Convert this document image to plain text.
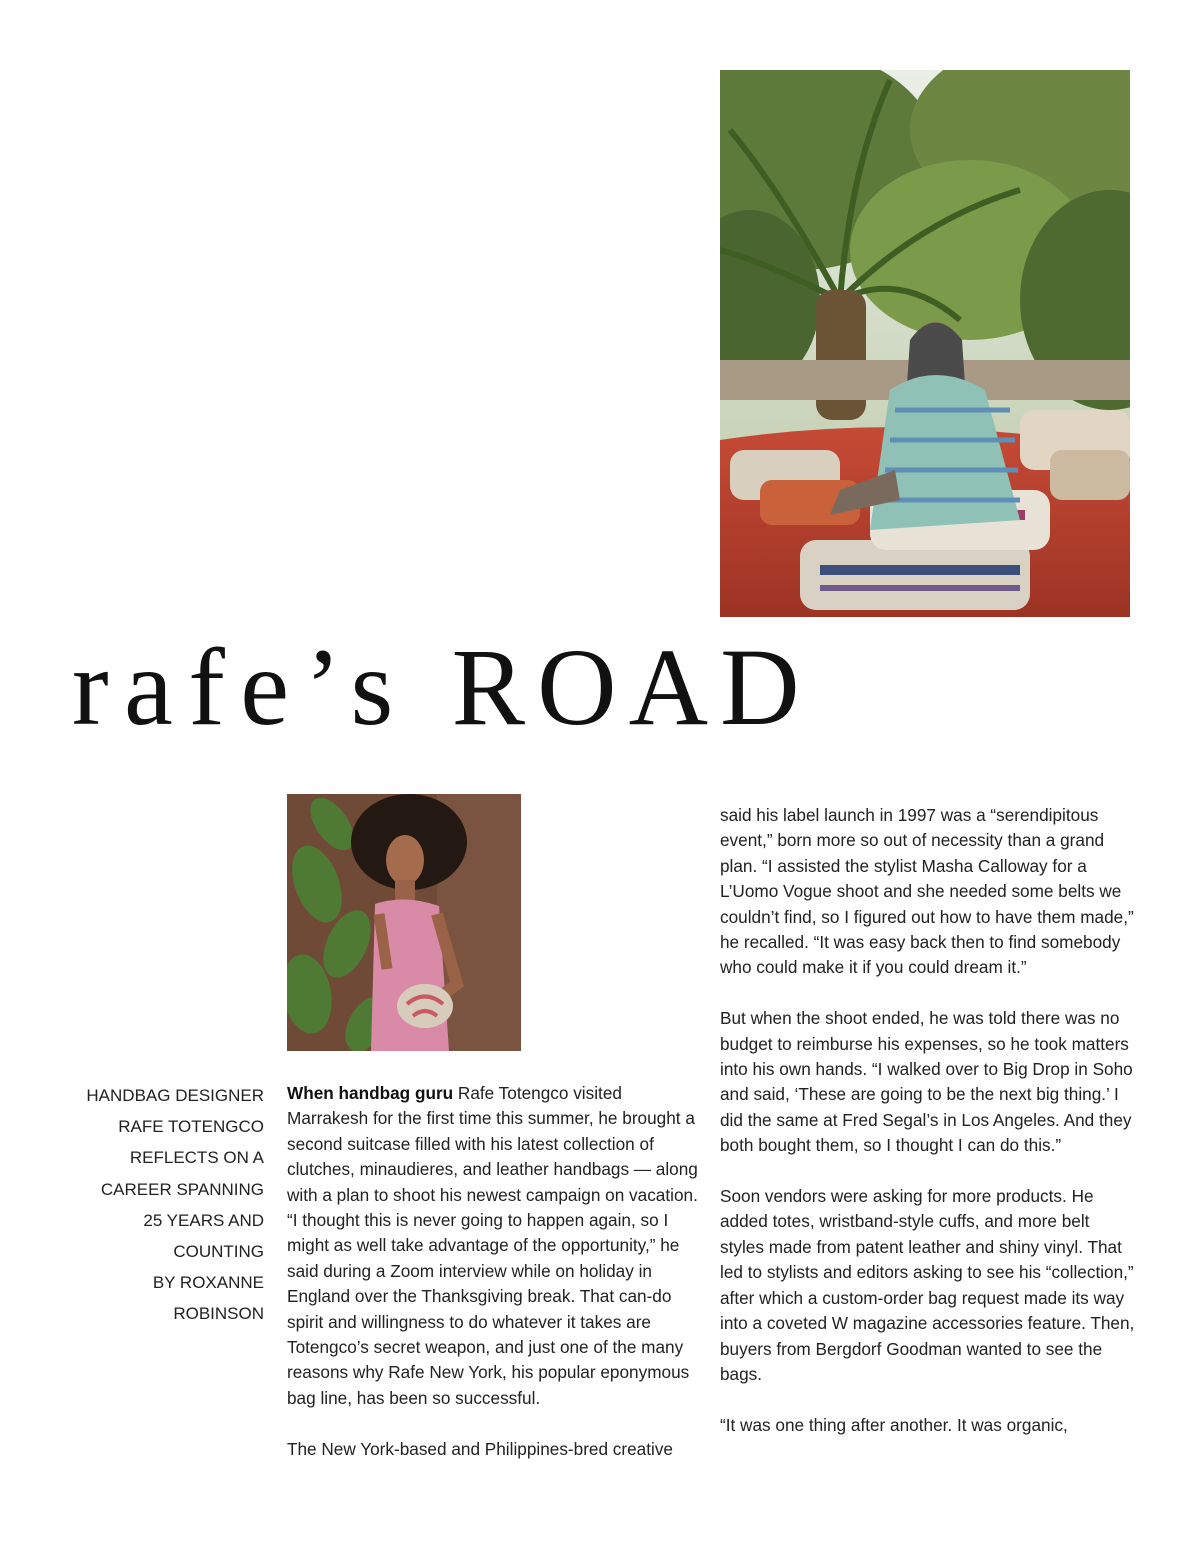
rafe’s ROAD
HANDBAG DESIGNER
RAFE TOTENGCO
REFLECTS ON A
CAREER SPANNING
25 YEARS AND
COUNTING
BY ROXANNE
ROBINSON

When handbag guru Rafe Totengco visited Marrakesh for the first time this summer, he brought a second suitcase filled with his latest collection of clutches, minaudieres, and leather handbags — along with a plan to shoot his newest campaign on vacation. “I thought this is never going to happen again, so I might as well take advantage of the opportunity,” he said during a Zoom interview while on holiday in England over the Thanksgiving break. That can-do spirit and willingness to do whatever it takes are Totengco’s secret weapon, and just one of the many reasons why Rafe New York, his popular eponymous bag line, has been so successful.

The New York-based and Philippines-bred creative

said his label launch in 1997 was a “serendipitous event,” born more so out of necessity than a grand plan. “I assisted the stylist Masha Calloway for a L’Uomo Vogue shoot and she needed some belts we couldn’t find, so I figured out how to have them made,” he recalled. “It was easy back then to find somebody who could make it if you could dream it.”

But when the shoot ended, he was told there was no budget to reimburse his expenses, so he took matters into his own hands. “I walked over to Big Drop in Soho and said, ‘These are going to be the next big thing.’ I did the same at Fred Segal’s in Los Angeles. And they both bought them, so I thought I can do this.”

Soon vendors were asking for more products. He added totes, wristband-style cuffs, and more belt styles made from patent leather and shiny vinyl. That led to stylists and editors asking to see his “collection,” after which a custom-order bag request made its way into a coveted W magazine accessories feature. Then, buyers from Bergdorf Goodman wanted to see the bags.

“It was one thing after another. It was organic,
